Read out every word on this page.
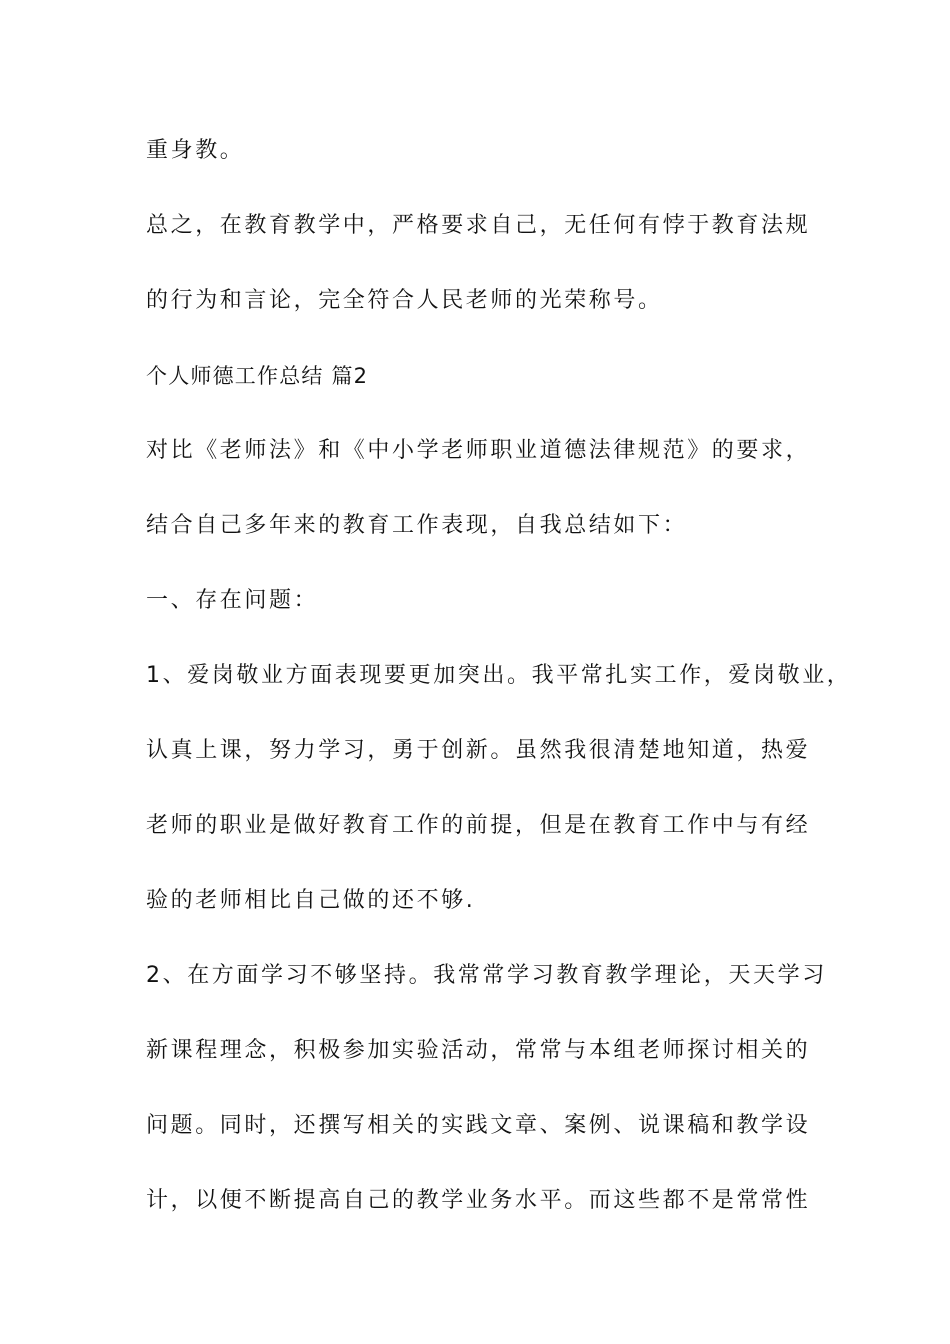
重身教。
总之，在教育教学中，严格要求自己，无任何有悖于教育法规
的行为和言论，完全符合人民老师的光荣称号。
个人师德工作总结 篇2
对比《老师法》和《中小学老师职业道德法律规范》的要求，
结合自己多年来的教育工作表现，自我总结如下：
一、存在问题：
1、爱岗敬业方面表现要更加突出。我平常扎实工作，爱岗敬业，
认真上课，努力学习，勇于创新。虽然我很清楚地知道，热爱
老师的职业是做好教育工作的前提，但是在教育工作中与有经
验的老师相比自己做的还不够.
2、在方面学习不够坚持。我常常学习教育教学理论，天天学习
新课程理念，积极参加实验活动，常常与本组老师探讨相关的
问题。同时，还撰写相关的实践文章、案例、说课稿和教学设
计，以便不断提高自己的教学业务水平。而这些都不是常常性
